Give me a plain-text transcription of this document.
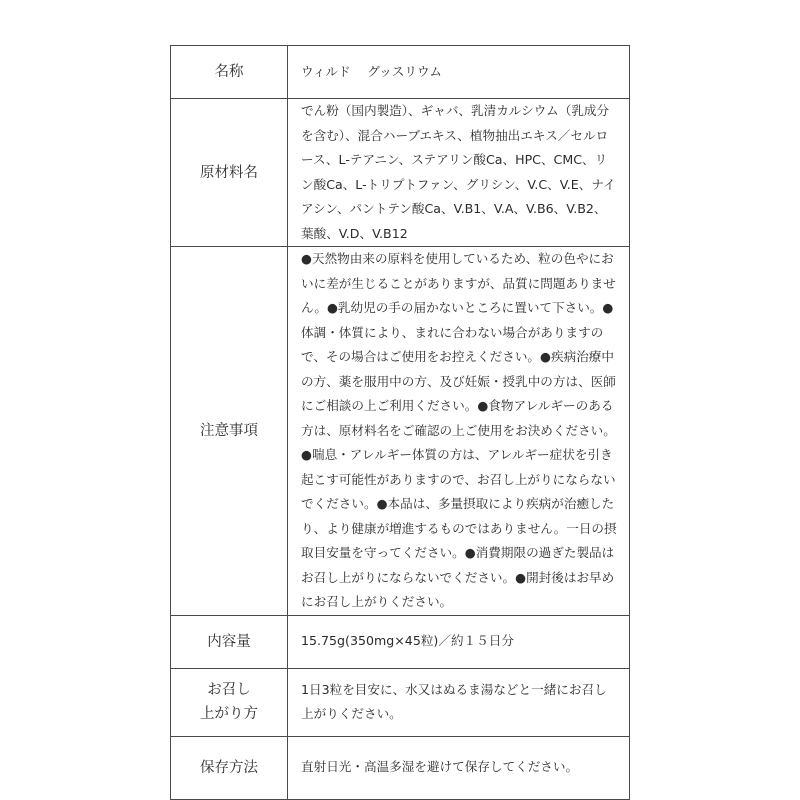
名称	ウィルド　 グッスリウム

原材料名	でん粉（国内製造）、ギャバ、乳清カルシウム（乳成分を含む）、混合ハーブエキス、植物抽出エキス／セルロース、L-テアニン、ステアリン酸Ca、HPC、CMC、リン酸Ca、L-トリプトファン、グリシン、V.C、V.E、ナイアシン、パントテン酸Ca、V.B1、V.A、V.B6、V.B2、葉酸、V.D、V.B12

注意事項	●天然物由来の原料を使用しているため、粒の色やにおいに差が生じることがありますが、品質に問題ありません。●乳幼児の手の届かないところに置いて下さい。●体調・体質により、まれに合わない場合がありますので、その場合はご使用をお控えください。●疾病治療中の方、薬を服用中の方、及び妊娠・授乳中の方は、医師にご相談の上ご利用ください。●食物アレルギーのある方は、原材料名をご確認の上ご使用をお決めください。●喘息・アレルギー体質の方は、アレルギー症状を引き起こす可能性がありますので、お召し上がりにならないでください。●本品は、多量摂取により疾病が治癒したり、より健康が増進するものではありません。一日の摂取目安量を守ってください。●消費期限の過ぎた製品はお召し上がりにならないでください。●開封後はお早めにお召し上がりください。

内容量	15.75g(350mg×45粒)／約１５日分

お召し
上がり方	1日3粒を目安に、水又はぬるま湯などと一緒にお召し上がりください。

保存方法	直射日光・高温多湿を避けて保存してください。
